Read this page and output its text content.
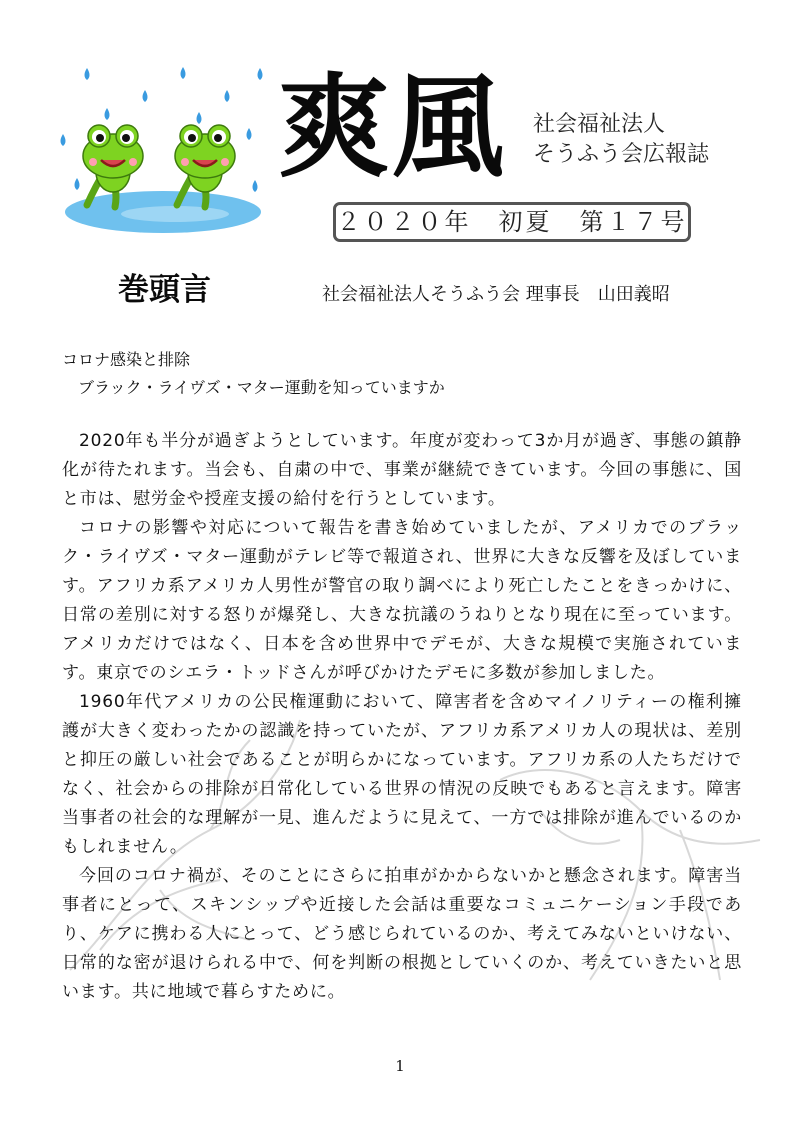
爽風 社会福祉法人
そうふう会広報誌
２０２０年　初夏　第１７号
巻頭言	社会福祉法人そうふう会 理事長　山田義昭
コロナ感染と排除
ブラック・ライヴズ・マター運動を知っていますか

2020年も半分が過ぎようとしています。年度が変わって3か月が過ぎ、事態の鎮静化が待たれます。当会も、自粛の中で、事業が継続できています。今回の事態に、国と市は、慰労金や授産支援の給付を行うとしています。

コロナの影響や対応について報告を書き始めていましたが、アメリカでのブラック・ライヴズ・マター運動がテレビ等で報道され、世界に大きな反響を及ぼしています。アフリカ系アメリカ人男性が警官の取り調べにより死亡したことをきっかけに、日常の差別に対する怒りが爆発し、大きな抗議のうねりとなり現在に至っています。アメリカだけではなく、日本を含め世界中でデモが、大きな規模で実施されています。東京でのシエラ・トッドさんが呼びかけたデモに多数が参加しました。

1960年代アメリカの公民権運動において、障害者を含めマイノリティーの権利擁護が大きく変わったかの認識を持っていたが、アフリカ系アメリカ人の現状は、差別と抑圧の厳しい社会であることが明らかになっています。アフリカ系の人たちだけでなく、社会からの排除が日常化している世界の情況の反映でもあると言えます。障害当事者の社会的な理解が一見、進んだように見えて、一方では排除が進んでいるのかもしれません。

今回のコロナ禍が、そのことにさらに拍車がかからないかと懸念されます。障害当事者にとって、スキンシップや近接した会話は重要なコミュニケーション手段であり、ケアに携わる人にとって、どう感じられているのか、考えてみないといけない、日常的な密が退けられる中で、何を判断の根拠としていくのか、考えていきたいと思います。共に地域で暮らすために。

1
